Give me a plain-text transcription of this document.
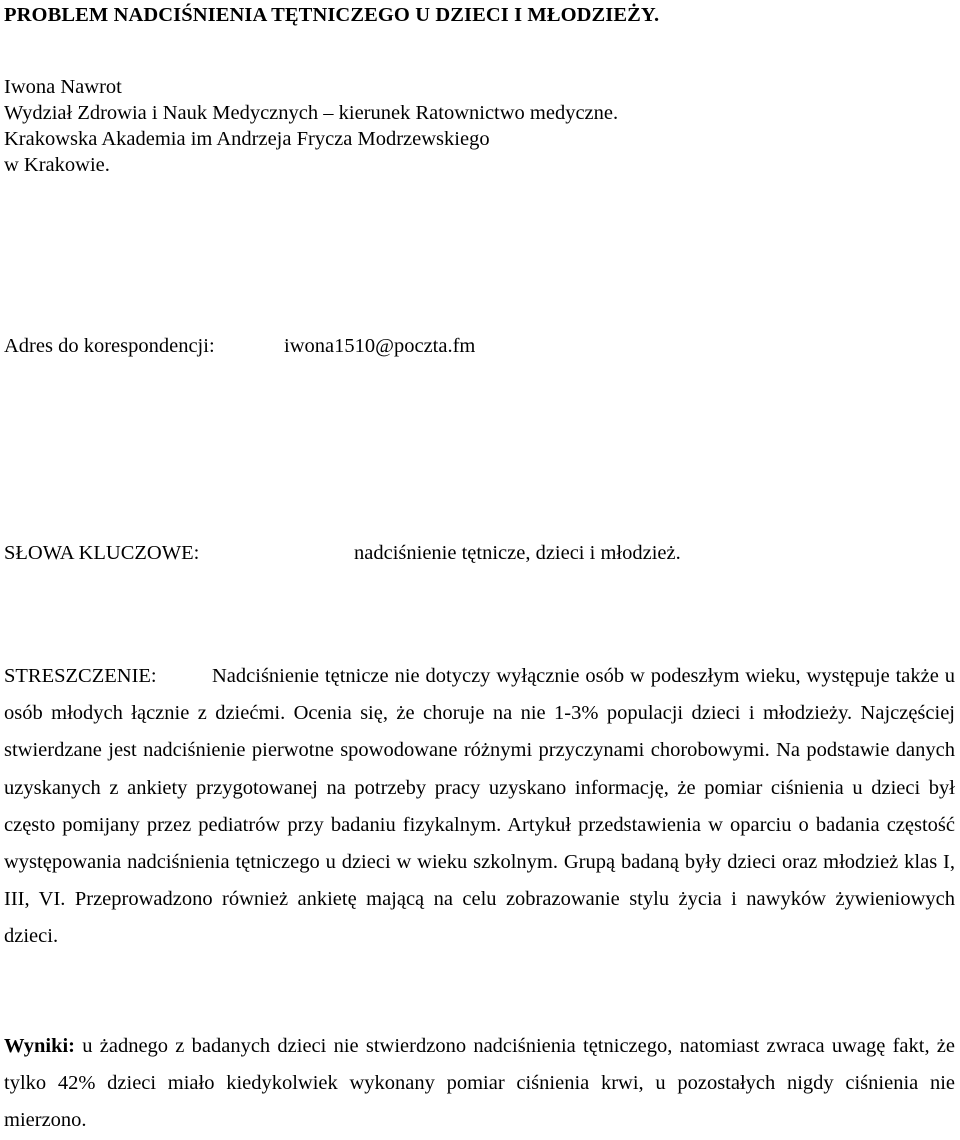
PROBLEM NADCIŚNIENIA TĘTNICZEGO U DZIECI I MŁODZIEŻY.
Iwona Nawrot
Wydział Zdrowia i Nauk Medycznych – kierunek Ratownictwo medyczne.
Krakowska Akademia im Andrzeja Frycza Modrzewskiego
w Krakowie.
Adres do korespondencji:	iwona1510@poczta.fm
SŁOWA KLUCZOWE:	nadciśnienie tętnicze, dzieci i młodzież.
STRESZCZENIE:	Nadciśnienie tętnicze nie dotyczy wyłącznie osób w podeszłym wieku, występuje także u osób młodych łącznie z dziećmi. Ocenia się, że choruje na nie 1-3% populacji dzieci i młodzieży. Najczęściej stwierdzane jest nadciśnienie pierwotne spowodowane różnymi przyczynami chorobowymi. Na podstawie danych uzyskanych z ankiety przygotowanej na potrzeby pracy uzyskano informację, że pomiar ciśnienia u dzieci był często pomijany przez pediatrów przy badaniu fizykalnym. Artykuł przedstawienia w oparciu o badania częstość występowania nadciśnienia tętniczego u dzieci w wieku szkolnym. Grupą badaną były dzieci oraz młodzież klas I, III, VI. Przeprowadzono również ankietę mającą na celu zobrazowanie stylu życia i nawyków żywieniowych dzieci.
Wyniki: u żadnego z badanych dzieci nie stwierdzono nadciśnienia tętniczego, natomiast zwraca uwagę fakt, że tylko 42% dzieci miało kiedykolwiek wykonany pomiar ciśnienia krwi, u pozostałych nigdy ciśnienia nie mierzono.
